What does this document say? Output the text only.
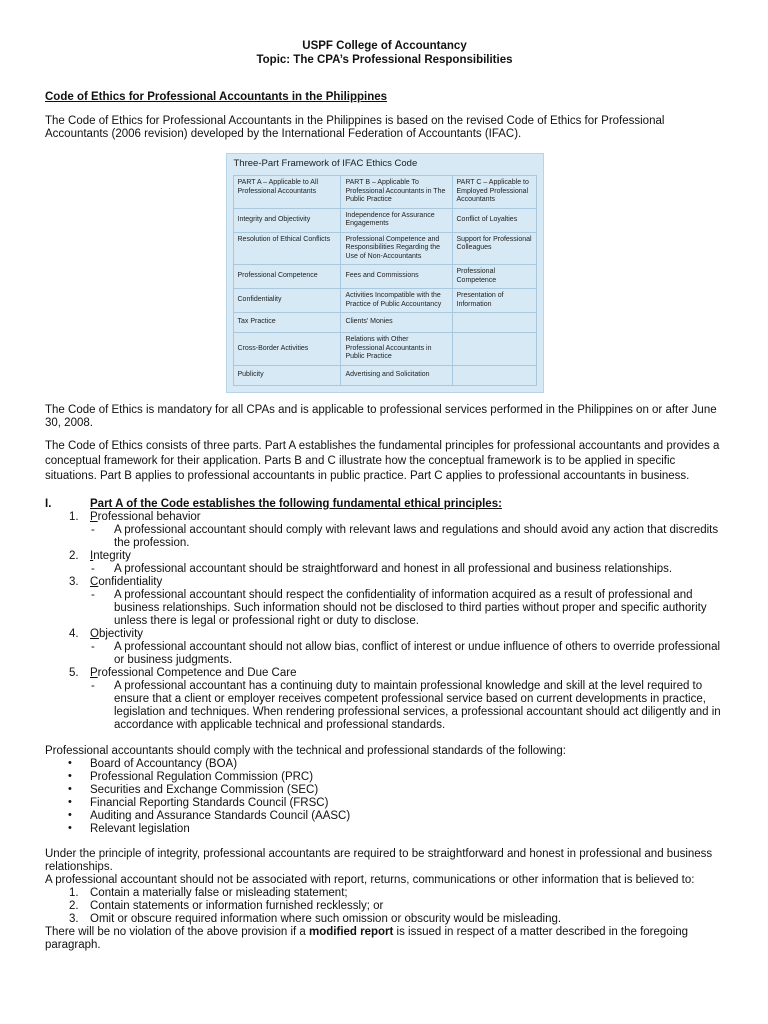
USPF College of Accountancy
Topic: The CPA’s Professional Responsibilities
Code of Ethics for Professional Accountants in the Philippines

The Code of Ethics for Professional Accountants in the Philippines is based on the revised Code of Ethics for Professional Accountants (2006 revision) developed by the International Federation of Accountants (IFAC).

Three-Part Framework of IFAC Ethics Code
PART A – Applicable to All Professional Accountants	PART B – Applicable To Professional Accountants in The Public Practice	PART C – Applicable to Employed Professional Accountants
Integrity and Objectivity	Independence for Assurance Engagements	Conflict of Loyalties
Resolution of Ethical Conflicts	Professional Competence and Responsibilities Regarding the Use of Non-Accountants	Support for Professional Colleagues
Professional Competence	Fees and Commissions	Professional Competence
Confidentiality	Activities Incompatible with the Practice of Public Accountancy	Presentation of Information
Tax Practice	Clients’ Monies	
Cross-Border Activities	Relations with Other Professional Accountants in Public Practice	
Publicity	Advertising and Solicitation	

The Code of Ethics is mandatory for all CPAs and is applicable to professional services performed in the Philippines on or after June 30, 2008.

The Code of Ethics consists of three parts. Part A establishes the fundamental principles for professional accountants and provides a conceptual framework for their application. Parts B and C illustrate how the conceptual framework is to be applied in specific situations. Part B applies to professional accountants in public practice. Part C applies to professional accountants in business.

I.	Part A of the Code establishes the following fundamental ethical principles:
1. Professional behavior
- A professional accountant should comply with relevant laws and regulations and should avoid any action that discredits the profession.
2. Integrity
- A professional accountant should be straightforward and honest in all professional and business relationships.
3. Confidentiality
- A professional accountant should respect the confidentiality of information acquired as a result of professional and business relationships. Such information should not be disclosed to third parties without proper and specific authority unless there is legal or professional right or duty to disclose.
4. Objectivity
- A professional accountant should not allow bias, conflict of interest or undue influence of others to override professional or business judgments.
5. Professional Competence and Due Care
- A professional accountant has a continuing duty to maintain professional knowledge and skill at the level required to ensure that a client or employer receives competent professional service based on current developments in practice, legislation and techniques. When rendering professional services, a professional accountant should act diligently and in accordance with applicable technical and professional standards.

Professional accountants should comply with the technical and professional standards of the following:

• Board of Accountancy (BOA)
• Professional Regulation Commission (PRC)
• Securities and Exchange Commission (SEC)
• Financial Reporting Standards Council (FRSC)
• Auditing and Assurance Standards Council (AASC)
• Relevant legislation

Under the principle of integrity, professional accountants are required to be straightforward and honest in professional and business relationships.

A professional accountant should not be associated with report, returns, communications or other information that is believed to:

1. Contain a materially false or misleading statement;
2. Contain statements or information furnished recklessly; or
3. Omit or obscure required information where such omission or obscurity would be misleading.

There will be no violation of the above provision if a modified report is issued in respect of a matter described in the foregoing paragraph.
